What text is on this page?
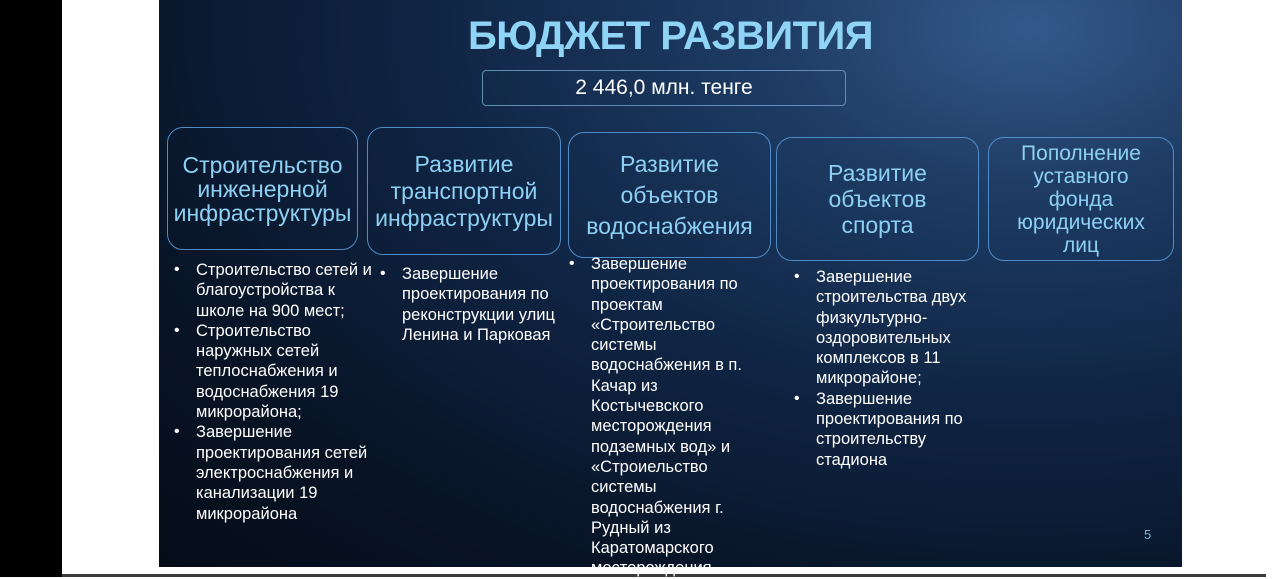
БЮДЖЕТ РАЗВИТИЯ
2 446,0 млн. тенге
Строительство
инженерной
инфраструктуры
Развитие
транспортной
инфраструктуры
Развитие
объектов
водоснабжения
Развитие
объектов
спорта
Пополнение
уставного
фонда
юридических
лиц
• Строительство сетей и благоустройства к школе на 900 мест;
• Строительство наружных сетей теплоснабжения и водоснабжения 19 микрорайона;
• Завершение проектирования сетей электроснабжения и канализации 19 микрорайона
• Завершение проектирования по реконструкции улиц Ленина и Парковая
• Завершение проектирования по проектам «Строительство системы водоснабжения в п. Качар из Костычевского месторождения подземных вод» и «Строиельство системы водоснабжения г. Рудный из Каратомарского месторождения
• Завершение строительства двух физкультурно-оздоровительных комплексов в 11 микрорайоне;
• Завершение проектирования по строительству стадиона
5
